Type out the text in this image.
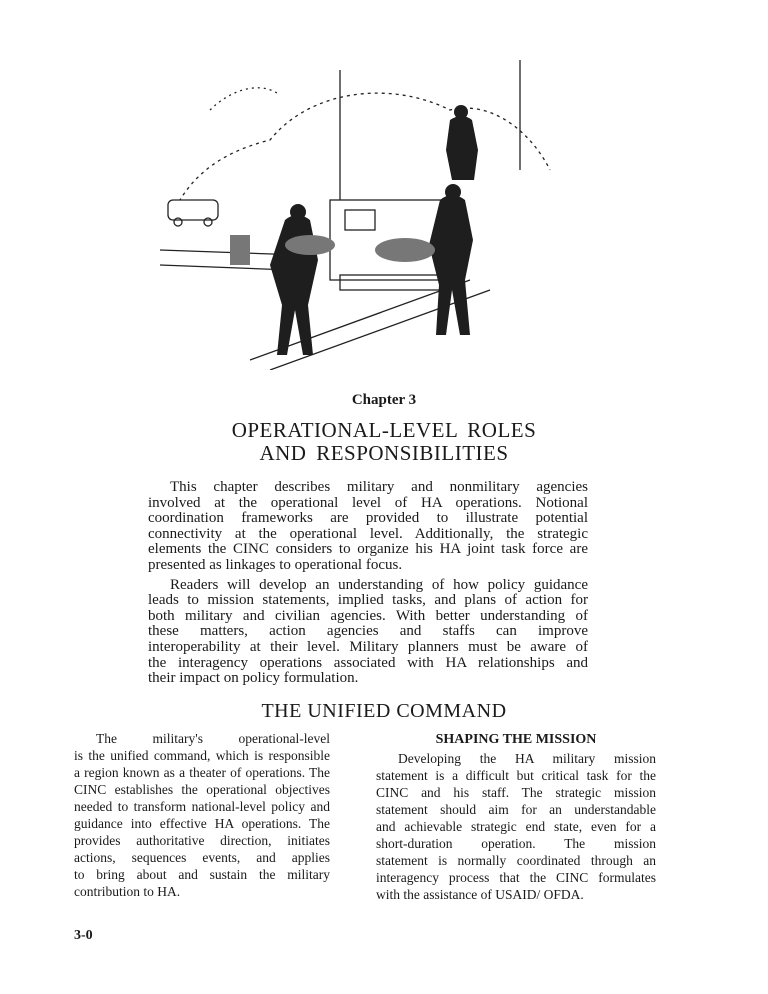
Chapter 3
OPERATIONAL-LEVEL ROLES
AND RESPONSIBILITIES
This chapter describes military and nonmilitary agencies
involved at the operational level of HA operations. Notional
coordination frameworks are provided to illustrate potential
connectivity at the operational level. Additionally, the strategic
elements the CINC considers to organize his HA joint task force are
presented as linkages to operational focus.
Readers will develop an understanding of how policy guidance
leads to mission statements, implied tasks, and plans of action for
both military and civilian agencies. With better understanding of
these matters, action agencies and staffs can improve
interoperability at their level. Military planners must be aware of
the interagency operations associated with HA relationships and
their impact on policy formulation.
THE UNIFIED COMMAND
The military's operational-level
is the unified command, which is responsible
a region known as a theater of operations. The
CINC establishes the operational objectives
needed to transform national-level policy and
guidance into effective HA operations. The
provides authoritative direction, initiates
actions, sequences events, and applies
to bring about and sustain the military
contribution to HA.
SHAPING THE MISSION
Developing the HA military mission
statement is a difficult but critical task for the
CINC and his staff. The strategic mission
statement should aim for an understandable
and achievable strategic end state, even for a
short-duration operation. The mission
statement is normally coordinated through an
interagency process that the CINC formulates
with the assistance of USAID/ OFDA.
3-0
